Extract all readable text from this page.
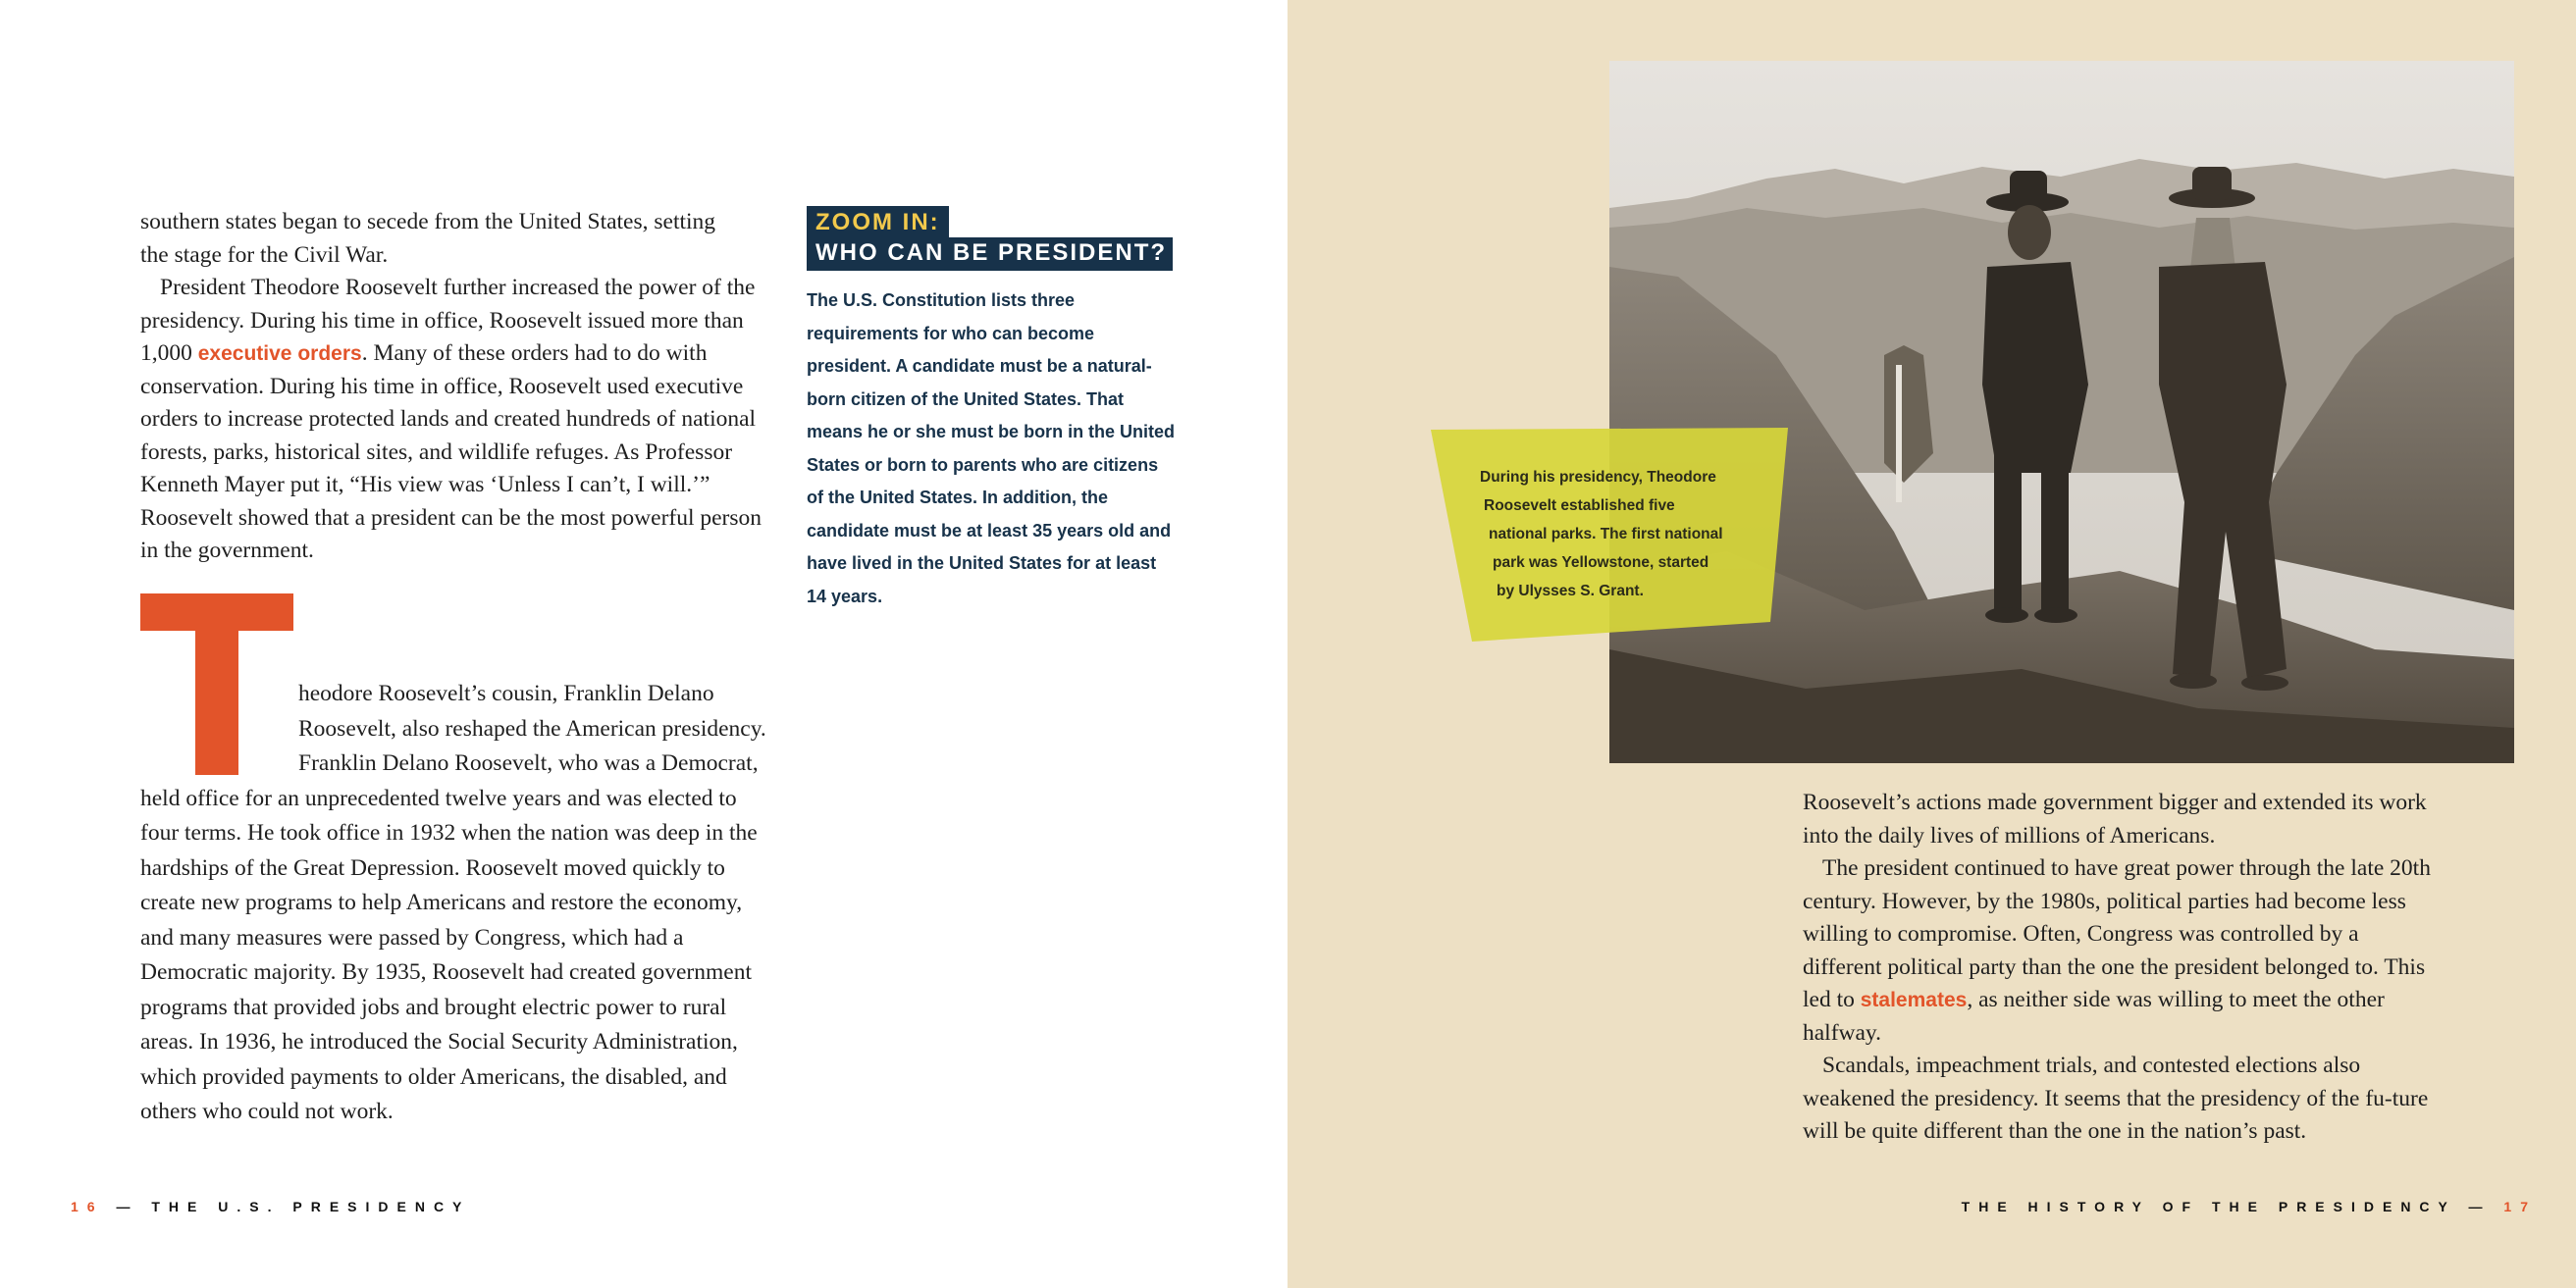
southern states began to secede from the United States, setting
the stage for the Civil War.

President Theodore Roosevelt further increased the power of the presidency. During his time in office, Roosevelt issued more than 1,000 executive orders. Many of these orders had to do with conservation. During his time in office, Roosevelt used executive orders to increase protected lands and created hundreds of national forests, parks, historical sites, and wildlife refuges. As Professor Kenneth Mayer put it, “His view was ‘Unless I can’t, I will.’” Roosevelt showed that a president can be the most powerful person in the government.

heodore Roosevelt’s cousin, Franklin Delano Roosevelt, also reshaped the American presidency. Franklin Delano Roosevelt, who was a Democrat, held office for an unprecedented twelve years and was elected to four terms. He took office in 1932 when the nation was deep in the hardships of the Great Depression. Roosevelt moved quickly to create new programs to help Americans and restore the economy, and many measures were passed by Congress, which had a Democratic majority. By 1935, Roosevelt had created government programs that provided jobs and brought electric power to rural areas. In 1936, he introduced the Social Security Administration, which provided payments to older Americans, the disabled, and others who could not work.

ZOOM IN:
WHO CAN BE PRESIDENT?
The U.S. Constitution lists three requirements for who can become president. A candidate must be a natural-born citizen of the United States. That means he or she must be born in the United States or born to parents who are citizens of the United States. In addition, the candidate must be at least 35 years old and have lived in the United States for at least 14 years.
16 — THE U.S. PRESIDENCY
During his presidency, Theodore
Roosevelt established five
national parks. The first national
park was Yellowstone, started
by Ulysses S. Grant.

Roosevelt’s actions made government bigger and extended its work into the daily lives of millions of Americans.

The president continued to have great power through the late 20th century. However, by the 1980s, political parties had become less willing to compromise. Often, Congress was controlled by a different political party than the one the president belonged to. This led to stalemates, as neither side was willing to meet the other halfway.

Scandals, impeachment trials, and contested elections also weakened the presidency. It seems that the presidency of the fu-ture will be quite different than the one in the nation’s past.

THE HISTORY OF THE PRESIDENCY — 17
